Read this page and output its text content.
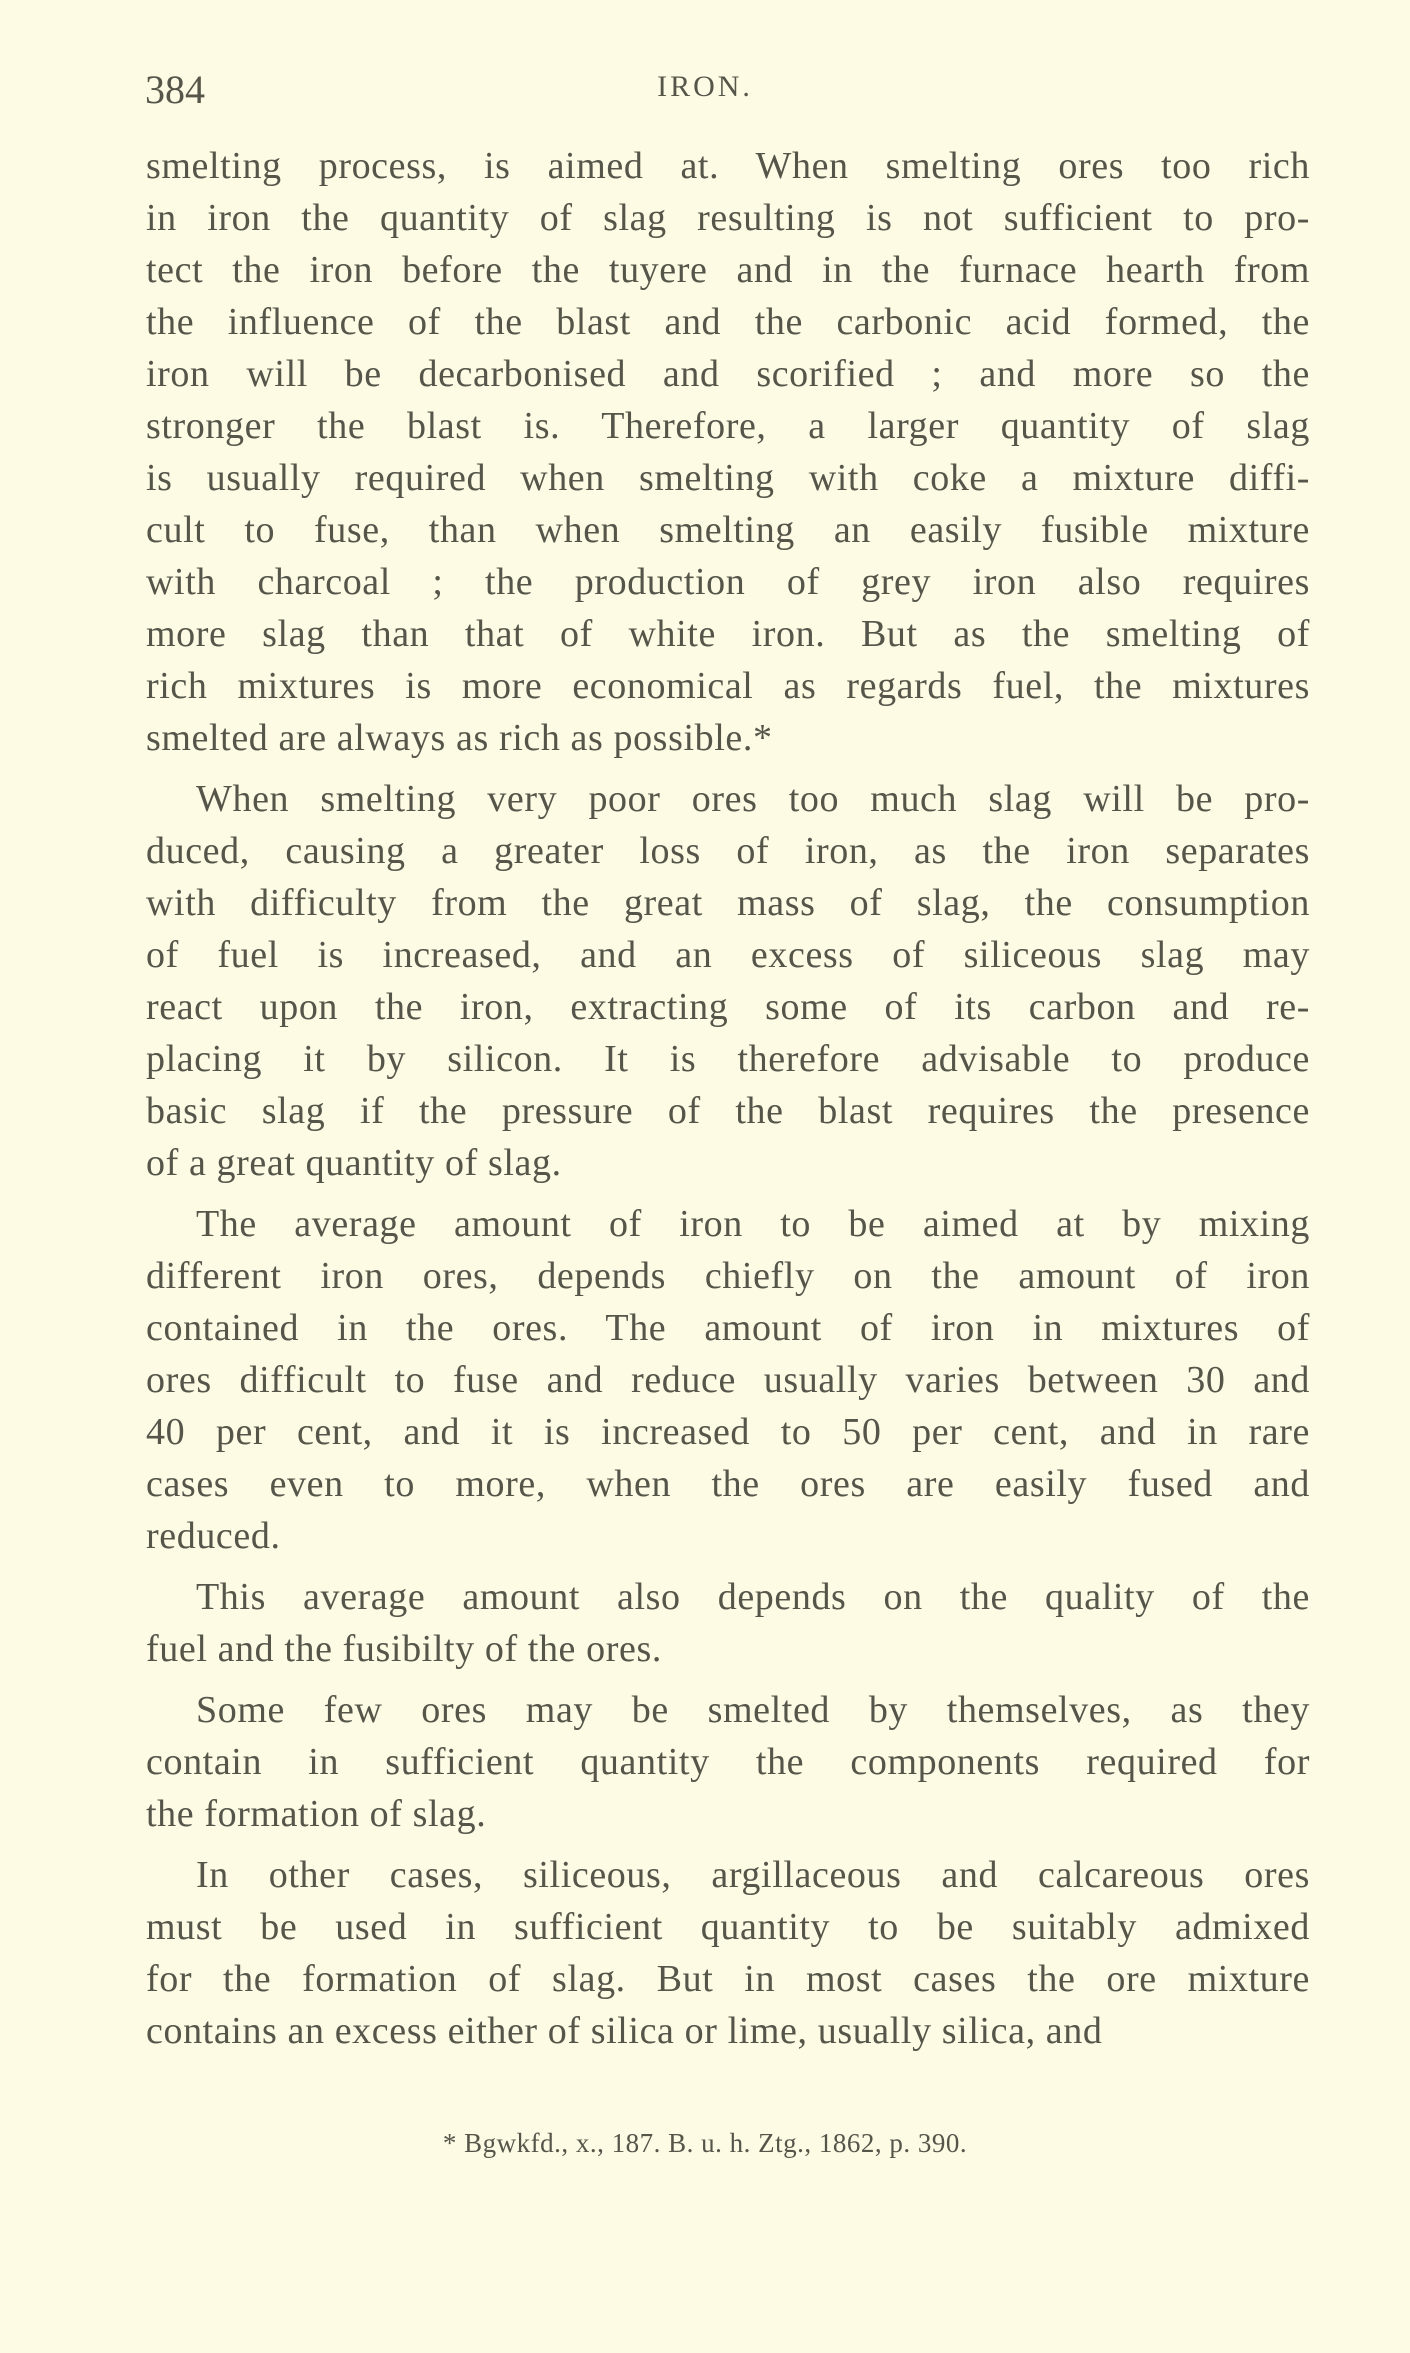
384	IRON.
smelting process, is aimed at. When smelting ores too rich
in iron the quantity of slag resulting is not sufficient to pro-
tect the iron before the tuyere and in the furnace hearth from
the influence of the blast and the carbonic acid formed, the
iron will be decarbonised and scorified ; and more so the
stronger the blast is. Therefore, a larger quantity of slag
is usually required when smelting with coke a mixture diffi-
cult to fuse, than when smelting an easily fusible mixture
with charcoal ; the production of grey iron also requires
more slag than that of white iron. But as the smelting of
rich mixtures is more economical as regards fuel, the mixtures
smelted are always as rich as possible.*
When smelting very poor ores too much slag will be pro-
duced, causing a greater loss of iron, as the iron separates
with difficulty from the great mass of slag, the consumption
of fuel is increased, and an excess of siliceous slag may
react upon the iron, extracting some of its carbon and re-
placing it by silicon. It is therefore advisable to produce
basic slag if the pressure of the blast requires the presence
of a great quantity of slag.
The average amount of iron to be aimed at by mixing
different iron ores, depends chiefly on the amount of iron
contained in the ores. The amount of iron in mixtures of
ores difficult to fuse and reduce usually varies between 30 and
40 per cent, and it is increased to 50 per cent, and in rare
cases even to more, when the ores are easily fused and
reduced.
This average amount also depends on the quality of the
fuel and the fusibilty of the ores.
Some few ores may be smelted by themselves, as they
contain in sufficient quantity the components required for
the formation of slag.
In other cases, siliceous, argillaceous and calcareous ores
must be used in sufficient quantity to be suitably admixed
for the formation of slag. But in most cases the ore mixture
contains an excess either of silica or lime, usually silica, and
* Bgwkfd., x., 187. B. u. h. Ztg., 1862, p. 390.
